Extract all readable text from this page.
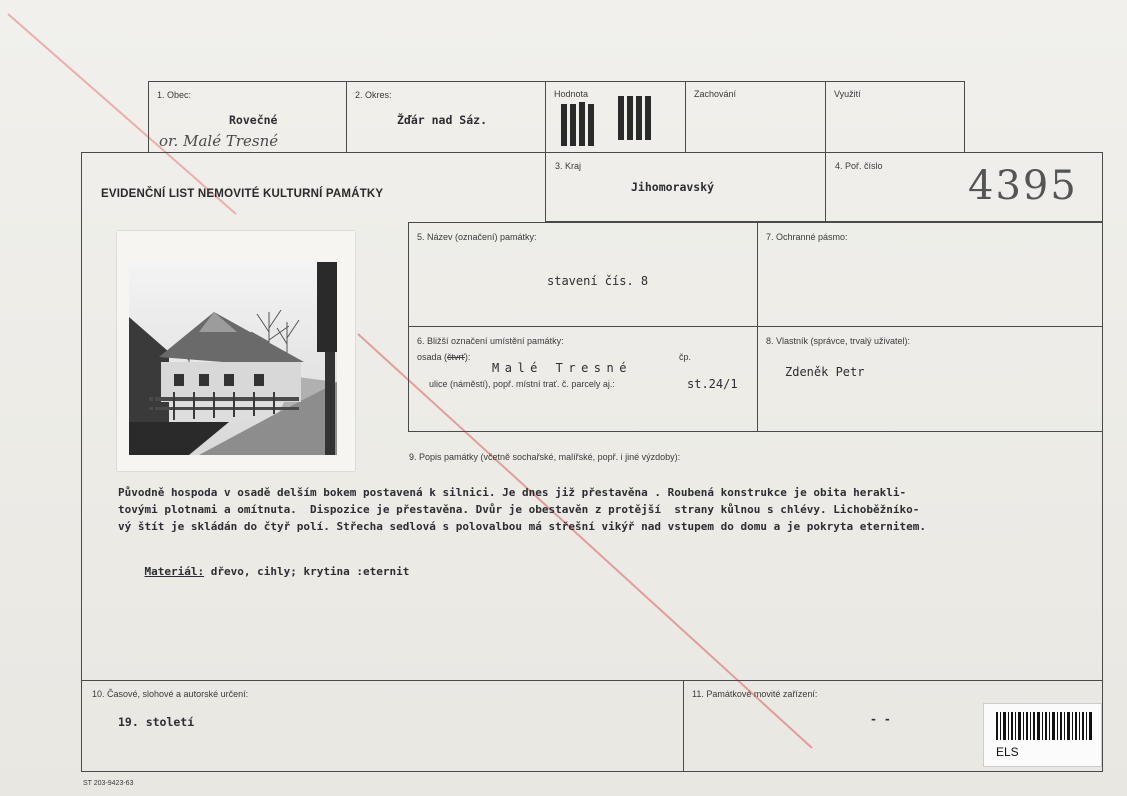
1. Obec:
Rovečné
or. Malé Tresné
2. Okres:
Žďár nad Sáz.
Hodnota	Zachování	Využití
EVIDENČNÍ LIST NEMOVITÉ KULTURNÍ PAMÁTKY
3. Kraj
Jihomoravský
4. Poř. číslo 4395
5. Název (označení) památky:
stavení čís. 8
7. Ochranné pásmo:
6. Bližší označení umístění památky:
osada (čtvrť):
Malé Tresné
čp.
ulice (náměstí), popř. místní trať. č. parcely aj.:	st.24/1
8. Vlastník (správce, trvalý uživatel):
Zdeněk Petr
9. Popis památky (včetně sochařské, malířské, popř. i jiné výzdoby):
Původně hospoda v osadě delším bokem postavená k silnici. Je dnes již přestavěna . Roubená konstrukce je obita herakli-
tovými plotnami a omítnuta.  Dispozice je přestavěna. Dvůr je obestavěn z protější  strany kůlnou s chlévy. Lichoběžníko-
vý štít je skládán do čtyř polí. Střecha sedlová s polovalbou má střešní vikýř nad vstupem do domu a je pokryta eternitem.

Materiál: dřevo, cihly; krytina :eternit

10. Časové, slohové a autorské určení:
19. století
11. Památkové movité zařízení:
- -
ELS
ST 203-9423-63
